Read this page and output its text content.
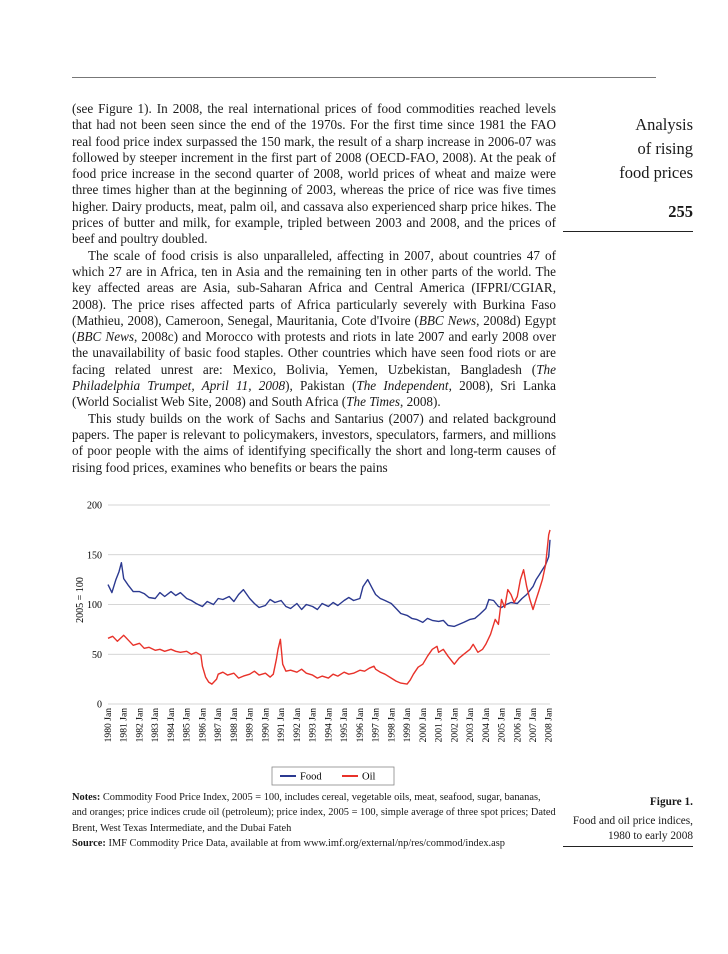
Analysis
of rising
food prices
255

(see Figure 1). In 2008, the real international prices of food commodities reached levels that had not been seen since the end of the 1970s. For the first time since 1981 the FAO real food price index surpassed the 150 mark, the result of a sharp increase in 2006-07 was followed by steeper increment in the first part of 2008 (OECD-FAO, 2008). At the peak of food price increase in the second quarter of 2008, world prices of wheat and maize were three times higher than at the beginning of 2003, whereas the price of rice was five times higher. Dairy products, meat, palm oil, and cassava also experienced sharp price hikes. The prices of butter and milk, for example, tripled between 2003 and 2008, and the prices of beef and poultry doubled.

The scale of food crisis is also unparalleled, affecting in 2007, about countries 47 of which 27 are in Africa, ten in Asia and the remaining ten in other parts of the world. The key affected areas are Asia, sub-Saharan Africa and Central America (IFPRI/CGIAR, 2008). The price rises affected parts of Africa particularly severely with Burkina Faso (Mathieu, 2008), Cameroon, Senegal, Mauritania, Cote d'Ivoire (BBC News, 2008d) Egypt (BBC News, 2008c) and Morocco with protests and riots in late 2007 and early 2008 over the unavailability of basic food staples. Other countries which have seen food riots or are facing related unrest are: Mexico, Bolivia, Yemen, Uzbekistan, Bangladesh (The Philadelphia Trumpet, April 11, 2008), Pakistan (The Independent, 2008), Sri Lanka (World Socialist Web Site, 2008) and South Africa (The Times, 2008).

This study builds on the work of Sachs and Santarius (2007) and related background papers. The paper is relevant to policymakers, investors, speculators, farmers, and millions of poor people with the aims of identifying specifically the short and long-term causes of rising food prices, examines who benefits or bears the pains

0
50
100
150
200
2005 = 100
1980 Jan 1981 Jan 1982 Jan 1983 Jan 1984 Jan 1985 Jan 1986 Jan 1987 Jan 1988 Jan 1989 Jan 1990 Jan 1991 Jan 1992 Jan 1993 Jan 1994 Jan 1995 Jan 1996 Jan 1997 Jan 1998 Jan 1999 Jan 2000 Jan 2001 Jan 2002 Jan 2003 Jan 2004 Jan 2005 Jan 2006 Jan 2007 Jan 2008 Jan
Food	Oil
Notes: Commodity Food Price Index, 2005 = 100, includes cereal, vegetable oils, meat, seafood, sugar, bananas, and oranges; price indices crude oil (petroleum); price index, 2005 = 100, simple average of three spot prices; Dated Brent, West Texas Intermediate, and the Dubai Fateh
Source: IMF Commodity Price Data, available at from www.imf.org/external/np/res/commod/index.asp
Figure 1.
Food and oil price indices, 1980 to early 2008
